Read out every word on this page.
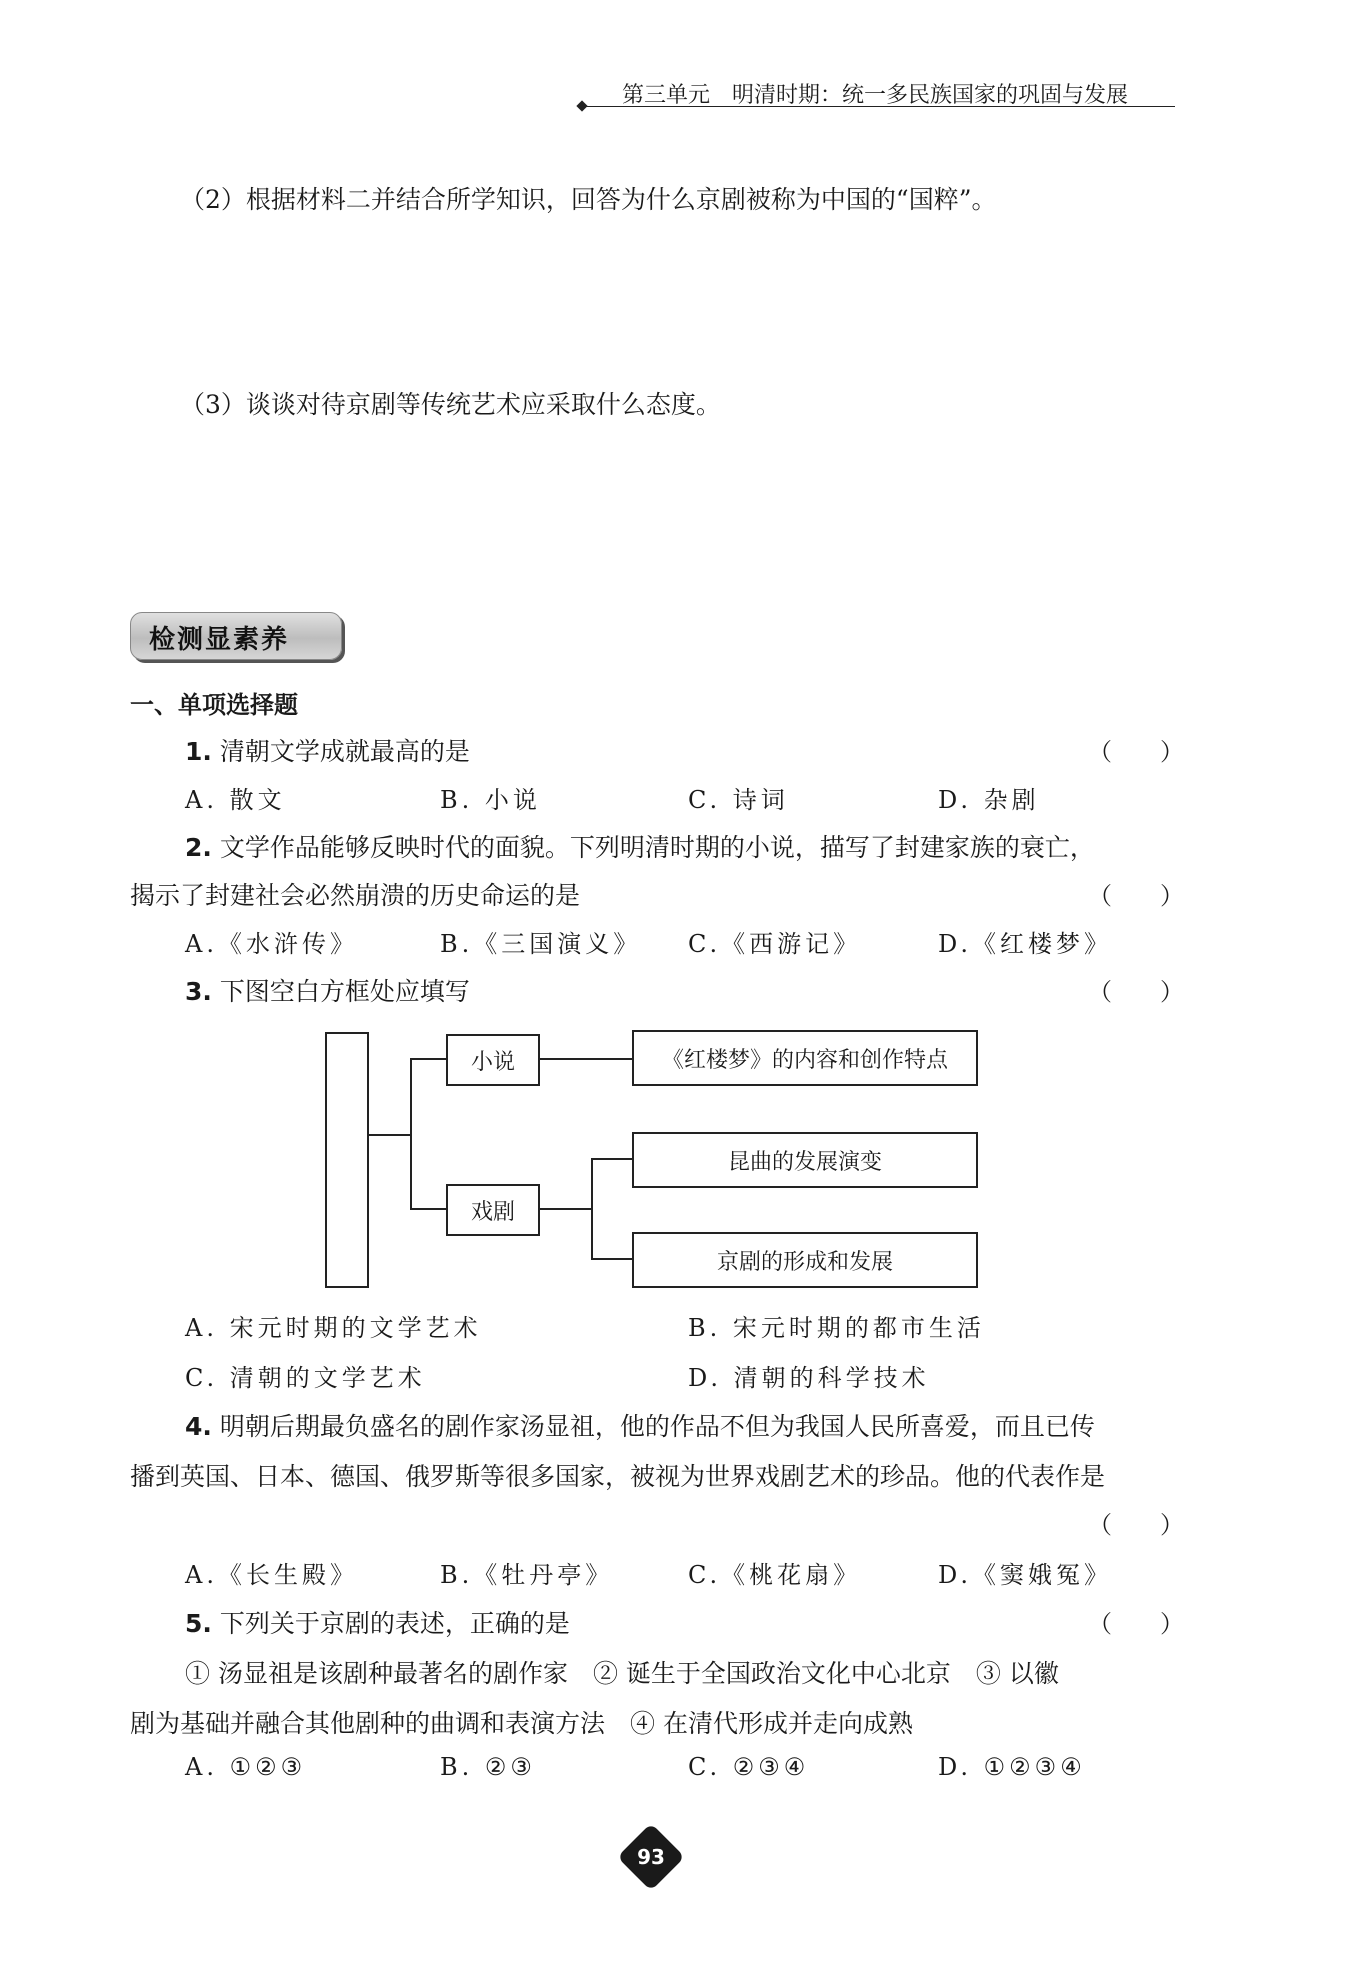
第三单元　明清时期：统一多民族国家的巩固与发展
（2）根据材料二并结合所学知识，回答为什么京剧被称为中国的“国粹”。
（3）谈谈对待京剧等传统艺术应采取什么态度。
检测显素养
一、单项选择题
1. 清朝文学成就最高的是	（　　）
A. 散文	B. 小说	C. 诗词	D. 杂剧
2. 文学作品能够反映时代的面貌。下列明清时期的小说，描写了封建家族的衰亡，
揭示了封建社会必然崩溃的历史命运的是	（　　）
A.《水浒传》	B.《三国演义》 C.《西游记》	D.《红楼梦》
3. 下图空白方框处应填写	（　　）
小说	《红楼梦》的内容和创作特点
戏剧
昆曲的发展演变
京剧的形成和发展
A. 宋元时期的文学艺术	B. 宋元时期的都市生活
C. 清朝的文学艺术	D. 清朝的科学技术
4. 明朝后期最负盛名的剧作家汤显祖，他的作品不但为我国人民所喜爱，而且已传
播到英国、日本、德国、俄罗斯等很多国家，被视为世界戏剧艺术的珍品。他的代表作是
（　　）
A.《长生殿》	B.《牡丹亭》	C.《桃花扇》	D.《窦娥冤》
5. 下列关于京剧的表述，正确的是	（　　）
① 汤显祖是该剧种最著名的剧作家　② 诞生于全国政治文化中心北京　③ 以徽
剧为基础并融合其他剧种的曲调和表演方法　④ 在清代形成并走向成熟
A. ①②③	B. ②③	C. ②③④	D. ①②③④
93
